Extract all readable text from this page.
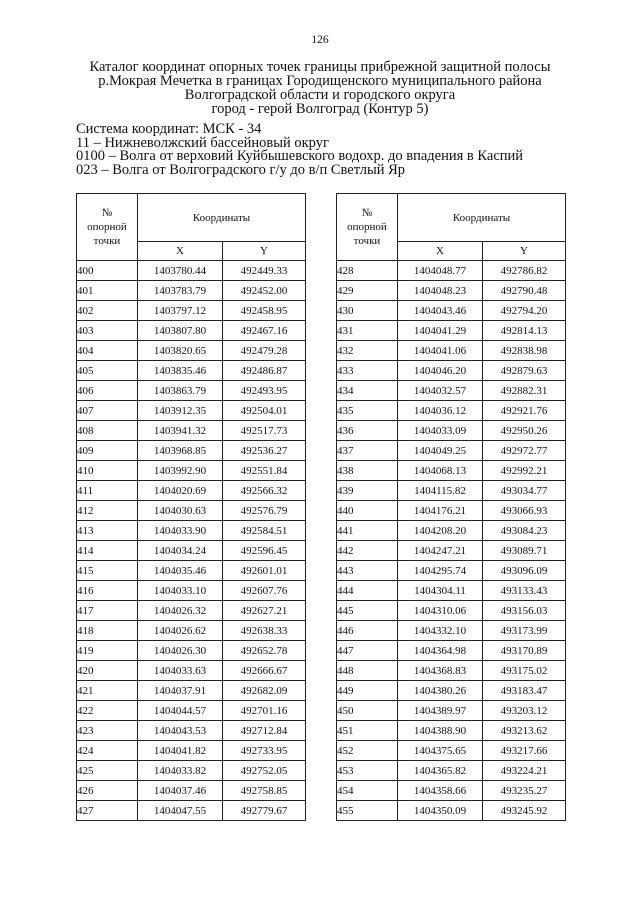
126
Каталог координат опорных точек границы прибрежной защитной полосы
р.Мокрая Мечетка в границах Городищенского муниципального района
Волгоградской области и городского округа
город - герой Волгоград (Контур 5)
Система координат: МСК - 34
11 – Нижневолжский бассейновый округ
0100 – Волга от верховий Куйбышевского водохр. до впадения в Каспий
023 – Волга от Волгоградского г/у до в/п Светлый Яр
№
опорной
точки	Координаты	
	X	Y
400	1403780.44	492449.33
401	1403783.79	492452.00
402	1403797.12	492458.95
403	1403807.80	492467.16
404	1403820.65	492479.28
405	1403835.46	492486.87
406	1403863.79	492493.95
407	1403912.35	492504.01
408	1403941.32	492517.73
409	1403968.85	492536.27
410	1403992.90	492551.84
411	1404020.69	492566.32
412	1404030.63	492576.79
413	1404033.90	492584.51
414	1404034.24	492596.45
415	1404035.46	492601.01
416	1404033.10	492607.76
417	1404026.32	492627.21
418	1404026.62	492638.33
419	1404026.30	492652.78
420	1404033.63	492666.67
421	1404037.91	492682.09
422	1404044.57	492701.16
423	1404043.53	492712.84
424	1404041.82	492733.95
425	1404033.82	492752.05
426	1404037.46	492758.85
427	1404047.55	492779.67
№
опорной
точки	Координаты	
	X	Y
428	1404048.77	492786.82
429	1404048.23	492790.48
430	1404043.46	492794.20
431	1404041.29	492814.13
432	1404041.06	492838.98
433	1404046.20	492879.63
434	1404032.57	492882.31
435	1404036.12	492921.76
436	1404033.09	492950.26
437	1404049.25	492972.77
438	1404068.13	492992.21
439	1404115.82	493034.77
440	1404176.21	493066.93
441	1404208.20	493084.23
442	1404247.21	493089.71
443	1404295.74	493096.09
444	1404304.11	493133.43
445	1404310.06	493156.03
446	1404332.10	493173.99
447	1404364.98	493170.89
448	1404368.83	493175.02
449	1404380.26	493183.47
450	1404389.97	493203.12
451	1404388.90	493213.62
452	1404375.65	493217.66
453	1404365.82	493224.21
454	1404358.66	493235.27
455	1404350.09	493245.92
